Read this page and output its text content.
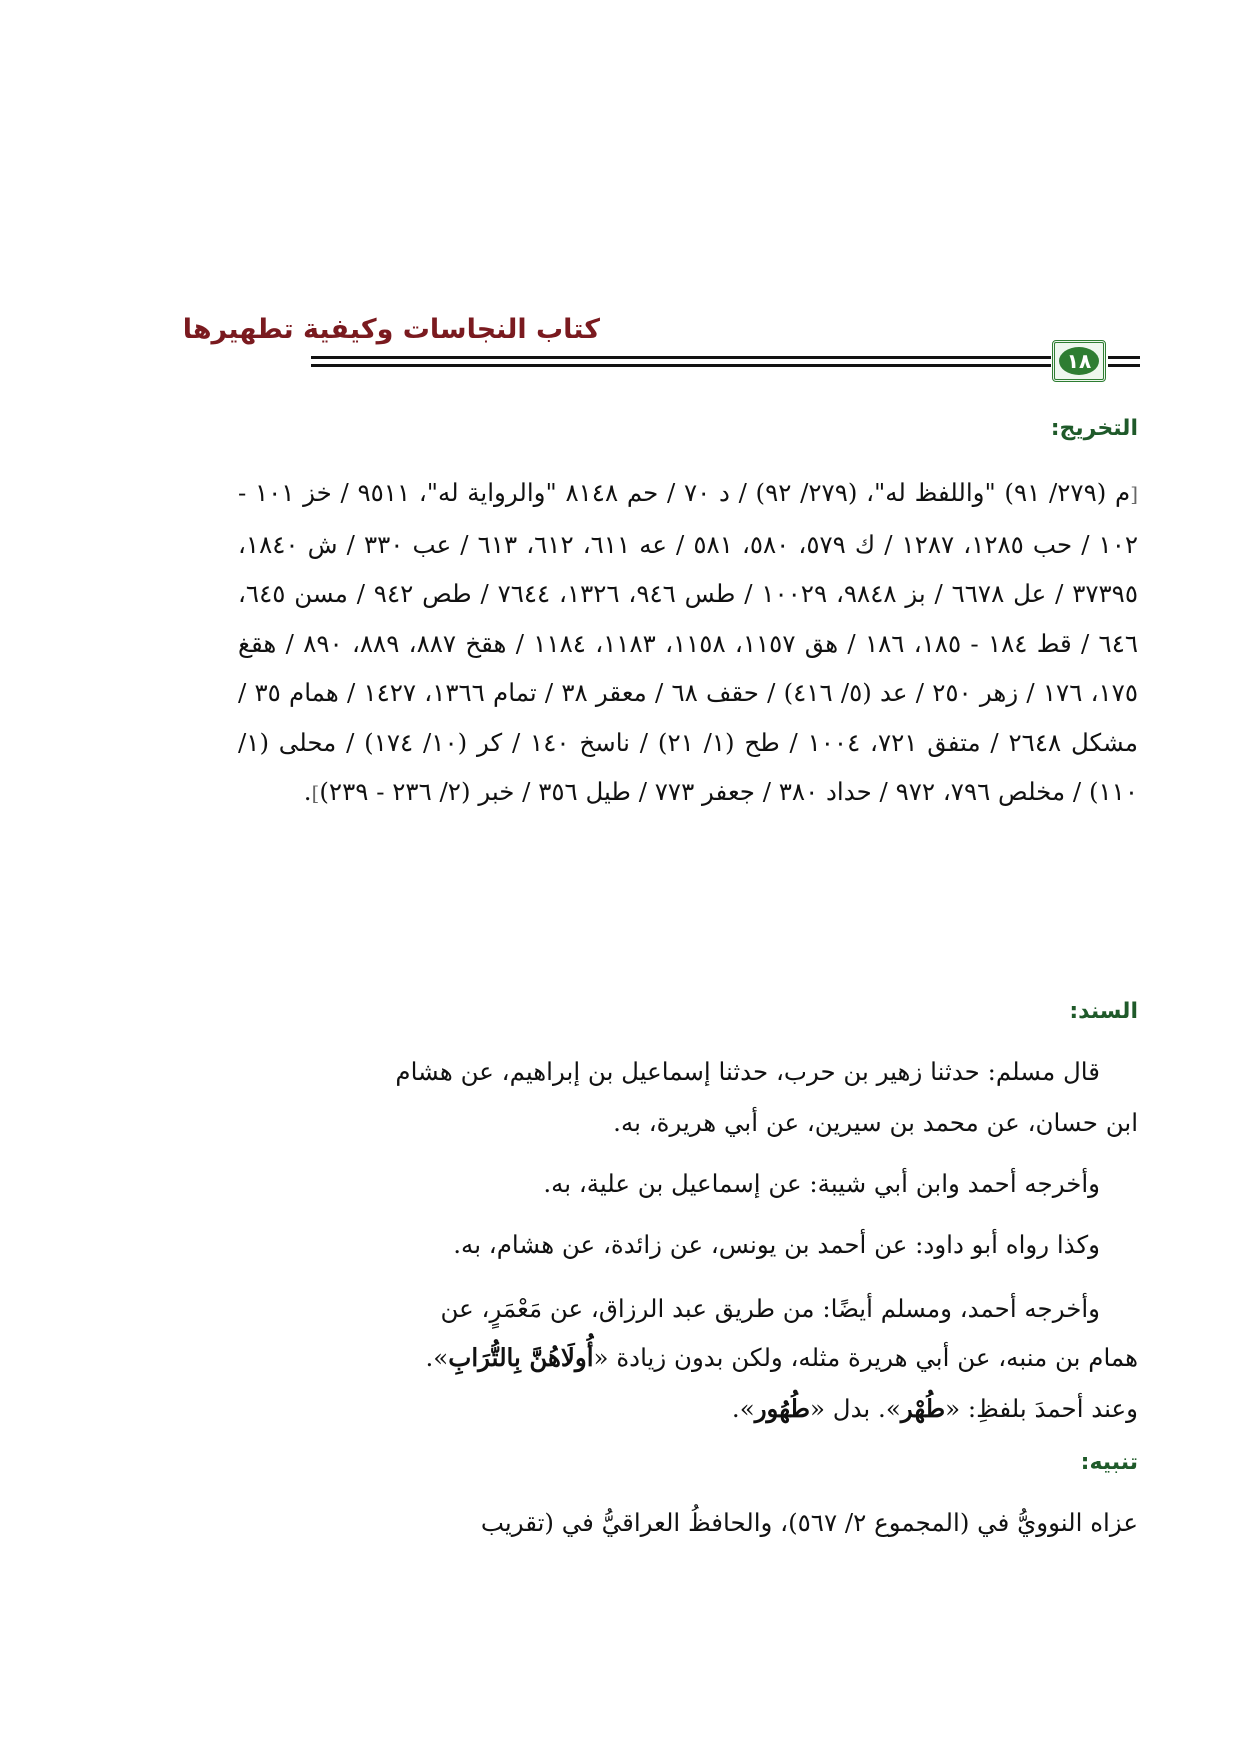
كتاب النجاسات وكيفية تطهيرها
١٨
التخريج:
[م (٢٧٩/ ٩١) "واللفظ له"، (٢٧٩/ ٩٢) / د ٧٠ / حم ٨١٤٨ "والرواية له"، ٩٥١١ / خز ١٠١ - ١٠٢ / حب ١٢٨٥، ١٢٨٧ / ك ٥٧٩، ٥٨٠، ٥٨١ / عه ٦١١، ٦١٢، ٦١٣ / عب ٣٣٠ / ش ١٨٤٠، ٣٧٣٩٥ / عل ٦٦٧٨ / بز ٩٨٤٨، ١٠٠٢٩ / طس ٩٤٦، ١٣٢٦، ٧٦٤٤ / طص ٩٤٢ / مسن ٦٤٥، ٦٤٦ / قط ١٨٤ - ١٨٥، ١٨٦ / هق ١١٥٧، ١١٥٨، ١١٨٣، ١١٨٤ / هقخ ٨٨٧، ٨٨٩، ٨٩٠ / هقغ ١٧٥، ١٧٦ / زهر ٢٥٠ / عد (٥/ ٤١٦) / حقف ٦٨ / معقر ٣٨ / تمام ١٣٦٦، ١٤٢٧ / همام ٣٥ / مشكل ٢٦٤٨ / متفق ٧٢١، ١٠٠٤ / طح (١/ ٢١) / ناسخ ١٤٠ / كر (١٠/ ١٧٤) / محلى (١/ ١١٠) / مخلص ٧٩٦، ٩٧٢ / حداد ٣٨٠ / جعفر ٧٧٣ / طيل ٣٥٦ / خبر (٢/ ٢٣٦ - ٢٣٩)].
السند:
قال مسلم: حدثنا زهير بن حرب، حدثنا إسماعيل بن إبراهيم، عن هشام
ابن حسان، عن محمد بن سيرين، عن أبي هريرة، به.
وأخرجه أحمد وابن أبي شيبة: عن إسماعيل بن علية، به.
وكذا رواه أبو داود: عن أحمد بن يونس، عن زائدة، عن هشام، به.
وأخرجه أحمد، ومسلم أيضًا: من طريق عبد الرزاق، عن مَعْمَرٍ، عن
همام بن منبه، عن أبي هريرة مثله، ولكن بدون زيادة «أُولَاهُنَّ بِالتُّرَابِ».
وعند أحمدَ بلفظِ: «طُهْر». بدل «طُهُور».
تنبيه:
عزاه النوويُّ في (المجموع ٢/ ٥٦٧)، والحافظُ العراقيُّ في (تقريب
